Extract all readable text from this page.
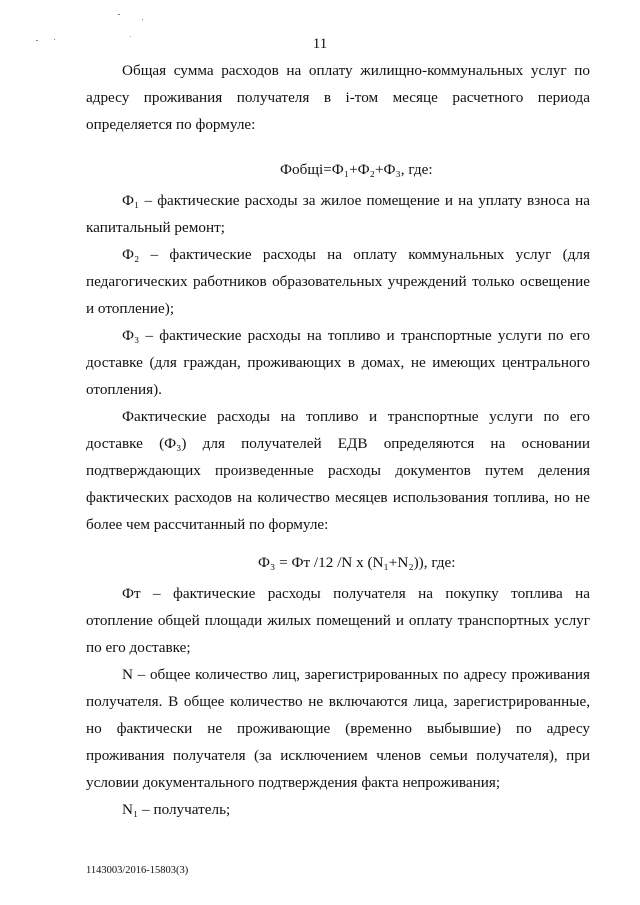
11

Общая сумма расходов на оплату жилищно-коммунальных услуг по адресу проживания получателя в i-том месяце расчетного периода определяется по формуле:

Фобщi=Ф₁+Ф₂+Ф₃, где:

Ф₁ – фактические расходы за жилое помещение и на уплату взноса на капитальный ремонт;

Ф₂ – фактические расходы на оплату коммунальных услуг (для педагогических работников образовательных учреждений только освещение и отопление);

Ф₃ – фактические расходы на топливо и транспортные услуги по его доставке (для граждан, проживающих в домах, не имеющих центрального отопления).

Фактические расходы на топливо и транспортные услуги по его доставке (Ф₃) для получателей ЕДВ определяются на основании подтверждающих произведенные расходы документов путем деления фактических расходов на количество месяцев использования топлива, но не более чем рассчитанный по формуле:

Ф₃ = Фт /12 /N x (N₁+N₂)), где:

Фт – фактические расходы получателя на покупку топлива на отопление общей площади жилых помещений и оплату транспортных услуг по его доставке;

N – общее количество лиц, зарегистрированных по адресу проживания получателя. В общее количество не включаются лица, зарегистрированные, но фактически не проживающие (временно выбывшие) по адресу проживания получателя (за исключением членов семьи получателя), при условии документального подтверждения факта непроживания;

N₁ – получатель;

1143003/2016-15803(3)
